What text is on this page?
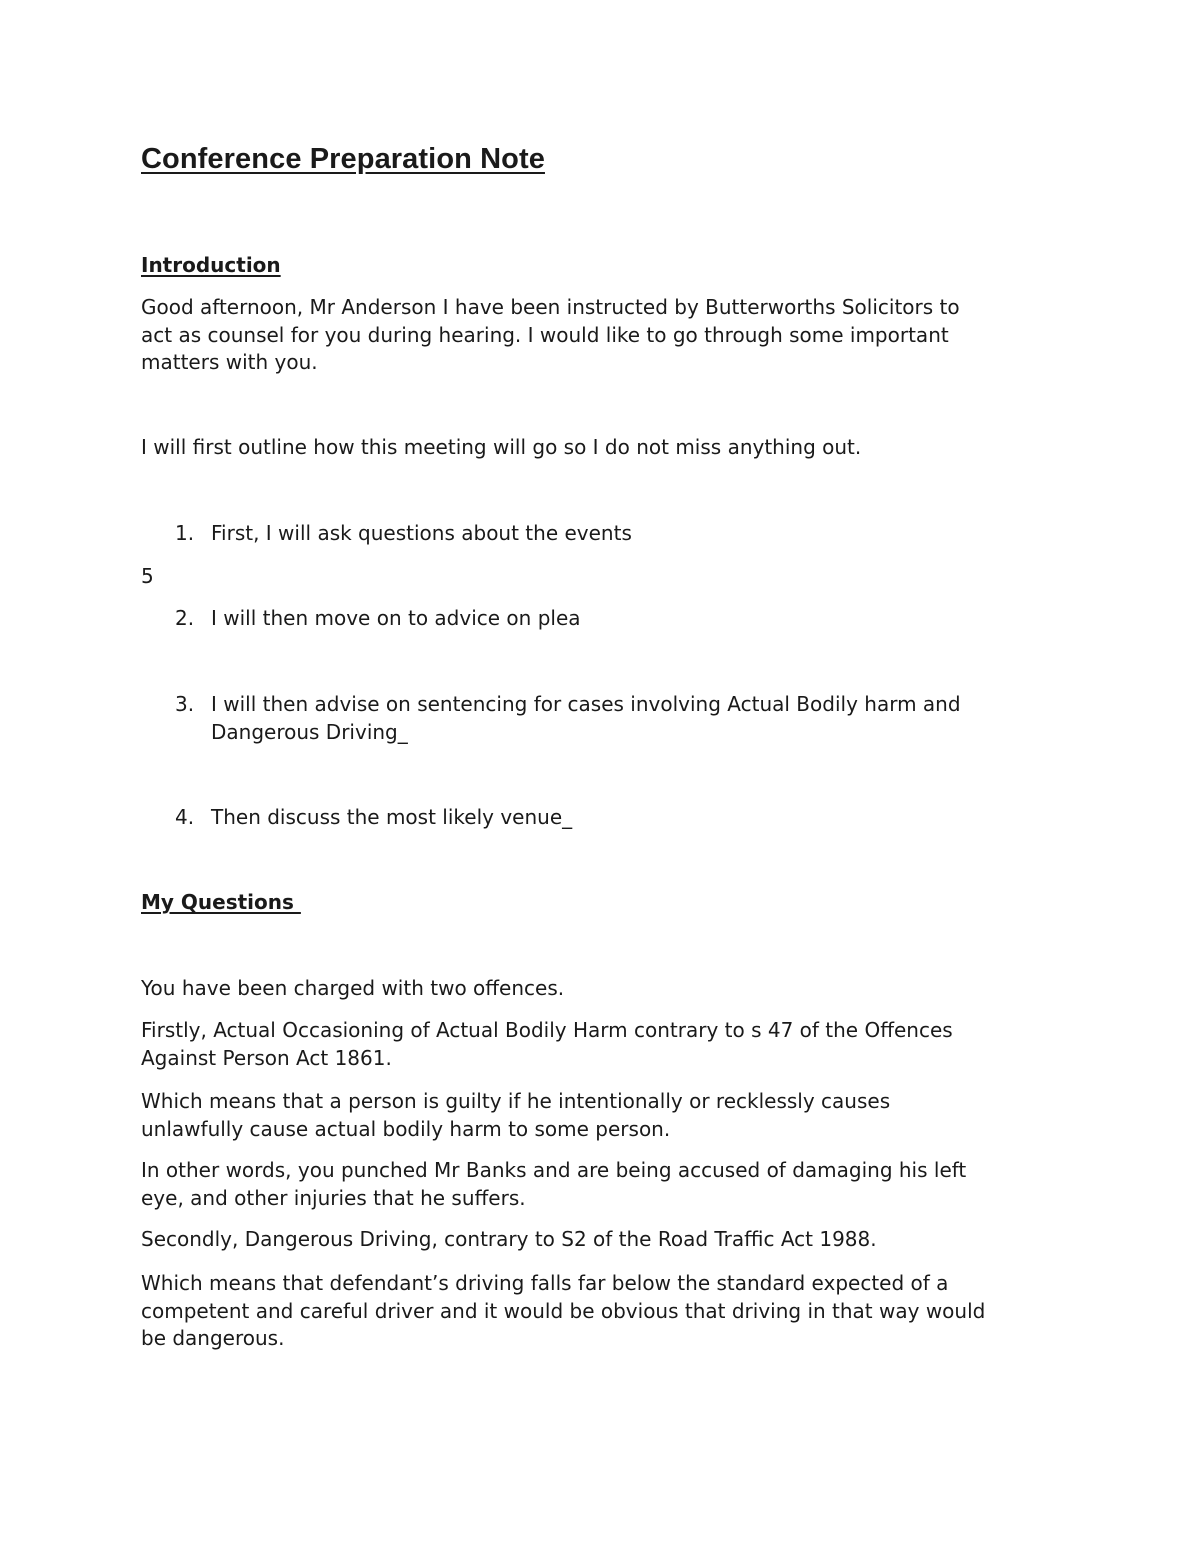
Conference Preparation Note
Introduction

Good afternoon, Mr Anderson I have been instructed by Butterworths Solicitors to
act as counsel for you during hearing. I would like to go through some important
matters with you.

I will first outline how this meeting will go so I do not miss anything out.

1. First, I will ask questions about the events
5
2. I will then move on to advice on plea
3. I will then advise on sentencing for cases involving Actual Bodily harm and
Dangerous Driving_
4. Then discuss the most likely venue_
My Questions

You have been charged with two offences.

Firstly, Actual Occasioning of Actual Bodily Harm contrary to s 47 of the Offences
Against Person Act 1861.

Which means that a person is guilty if he intentionally or recklessly causes
unlawfully cause actual bodily harm to some person.

In other words, you punched Mr Banks and are being accused of damaging his left
eye, and other injuries that he suffers.

Secondly, Dangerous Driving, contrary to S2 of the Road Traffic Act 1988.

Which means that defendant’s driving falls far below the standard expected of a
competent and careful driver and it would be obvious that driving in that way would
be dangerous.
